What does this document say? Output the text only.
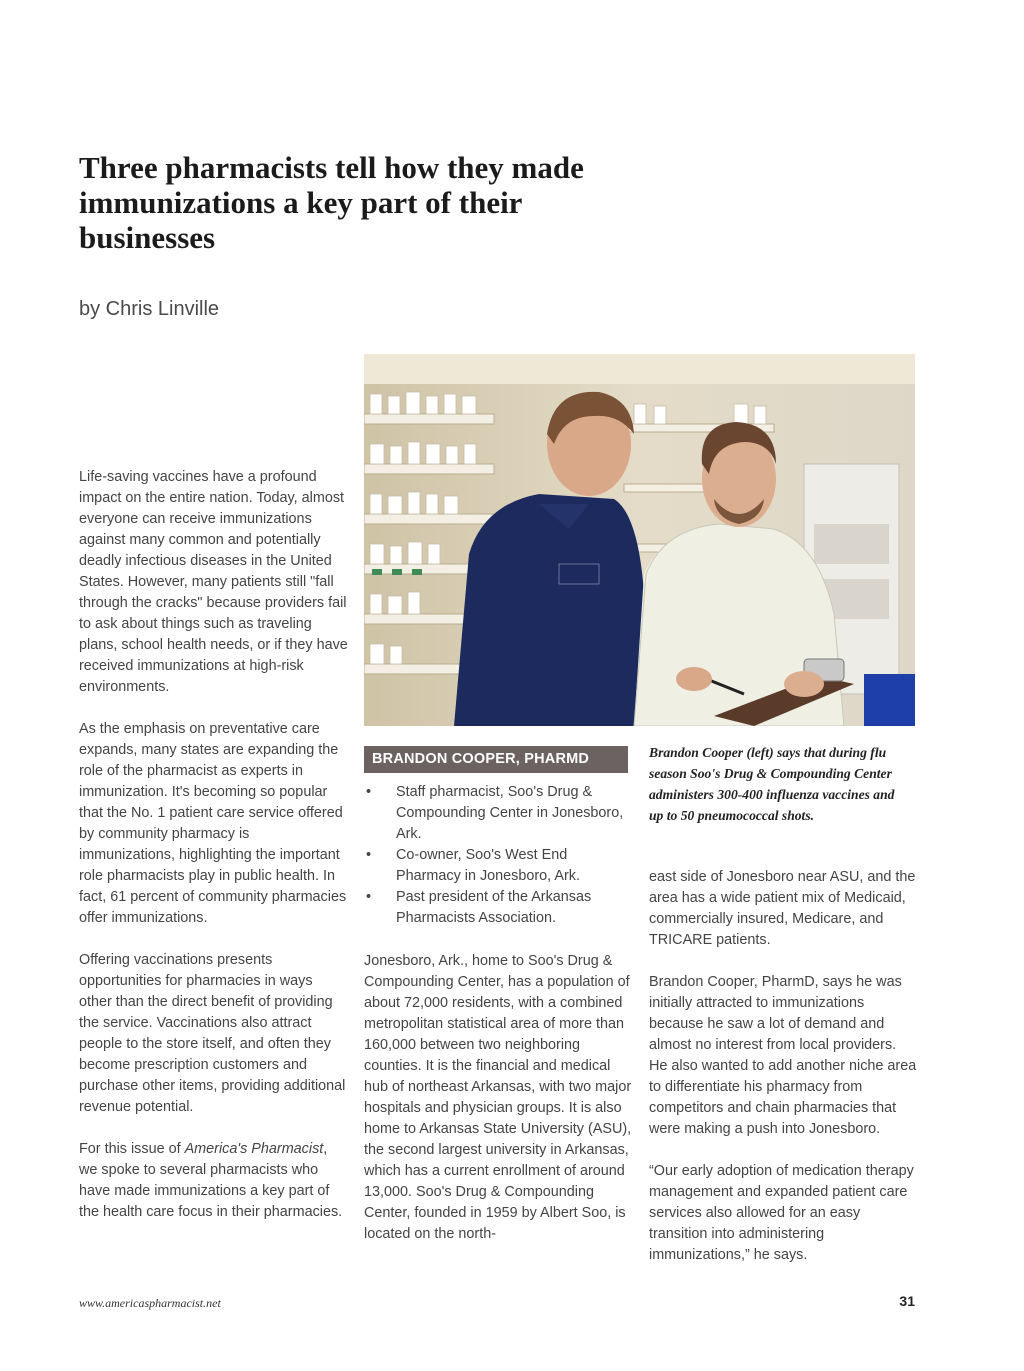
Three pharmacists tell how they made immunizations a key part of their businesses
by Chris Linville

Life-saving vaccines have a profound impact on the entire nation. Today, almost everyone can receive immunizations against many common and potentially deadly infectious diseases in the United States. However, many patients still "fall through the cracks" because providers fail to ask about things such as traveling plans, school health needs, or if they have received immunizations at high-risk environments.

As the emphasis on preventative care expands, many states are expanding the role of the pharmacist as experts in immunization. It's becoming so popular that the No. 1 patient care service offered by community pharmacy is immunizations, highlighting the important role pharmacists play in public health. In fact, 61 percent of community pharmacies offer immunizations.

Offering vaccinations presents opportunities for pharmacies in ways other than the direct benefit of providing the service. Vaccinations also attract people to the store itself, and often they become prescription customers and purchase other items, providing additional revenue potential.

For this issue of America's Pharmacist, we spoke to several pharmacists who have made immunizations a key part of the health care focus in their pharmacies.

BRANDON COOPER, PHARMD
• Staff pharmacist, Soo's Drug & Compounding Center in Jonesboro, Ark.
• Co-owner, Soo's West End Pharmacy in Jonesboro, Ark.
• Past president of the Arkansas Pharmacists Association.

Brandon Cooper (left) says that during flu season Soo's Drug & Compounding Center administers 300-400 influenza vaccines and up to 50 pneumococcal shots.

Jonesboro, Ark., home to Soo's Drug & Compounding Center, has a population of about 72,000 residents, with a combined metropolitan statistical area of more than 160,000 between two neighboring counties. It is the financial and medical hub of northeast Arkansas, with two major hospitals and physician groups. It is also home to Arkansas State University (ASU), the second largest university in Arkansas, which has a current enrollment of around 13,000. Soo's Drug & Compounding Center, founded in 1959 by Albert Soo, is located on the north-

east side of Jonesboro near ASU, and the area has a wide patient mix of Medicaid, commercially insured, Medicare, and TRICARE patients.

Brandon Cooper, PharmD, says he was initially attracted to immunizations because he saw a lot of demand and almost no interest from local providers. He also wanted to add another niche area to differentiate his pharmacy from competitors and chain pharmacies that were making a push into Jonesboro.

“Our early adoption of medication therapy management and expanded patient care services also allowed for an easy transition into administering immunizations,” he says.

www.americaspharmacist.net	31
